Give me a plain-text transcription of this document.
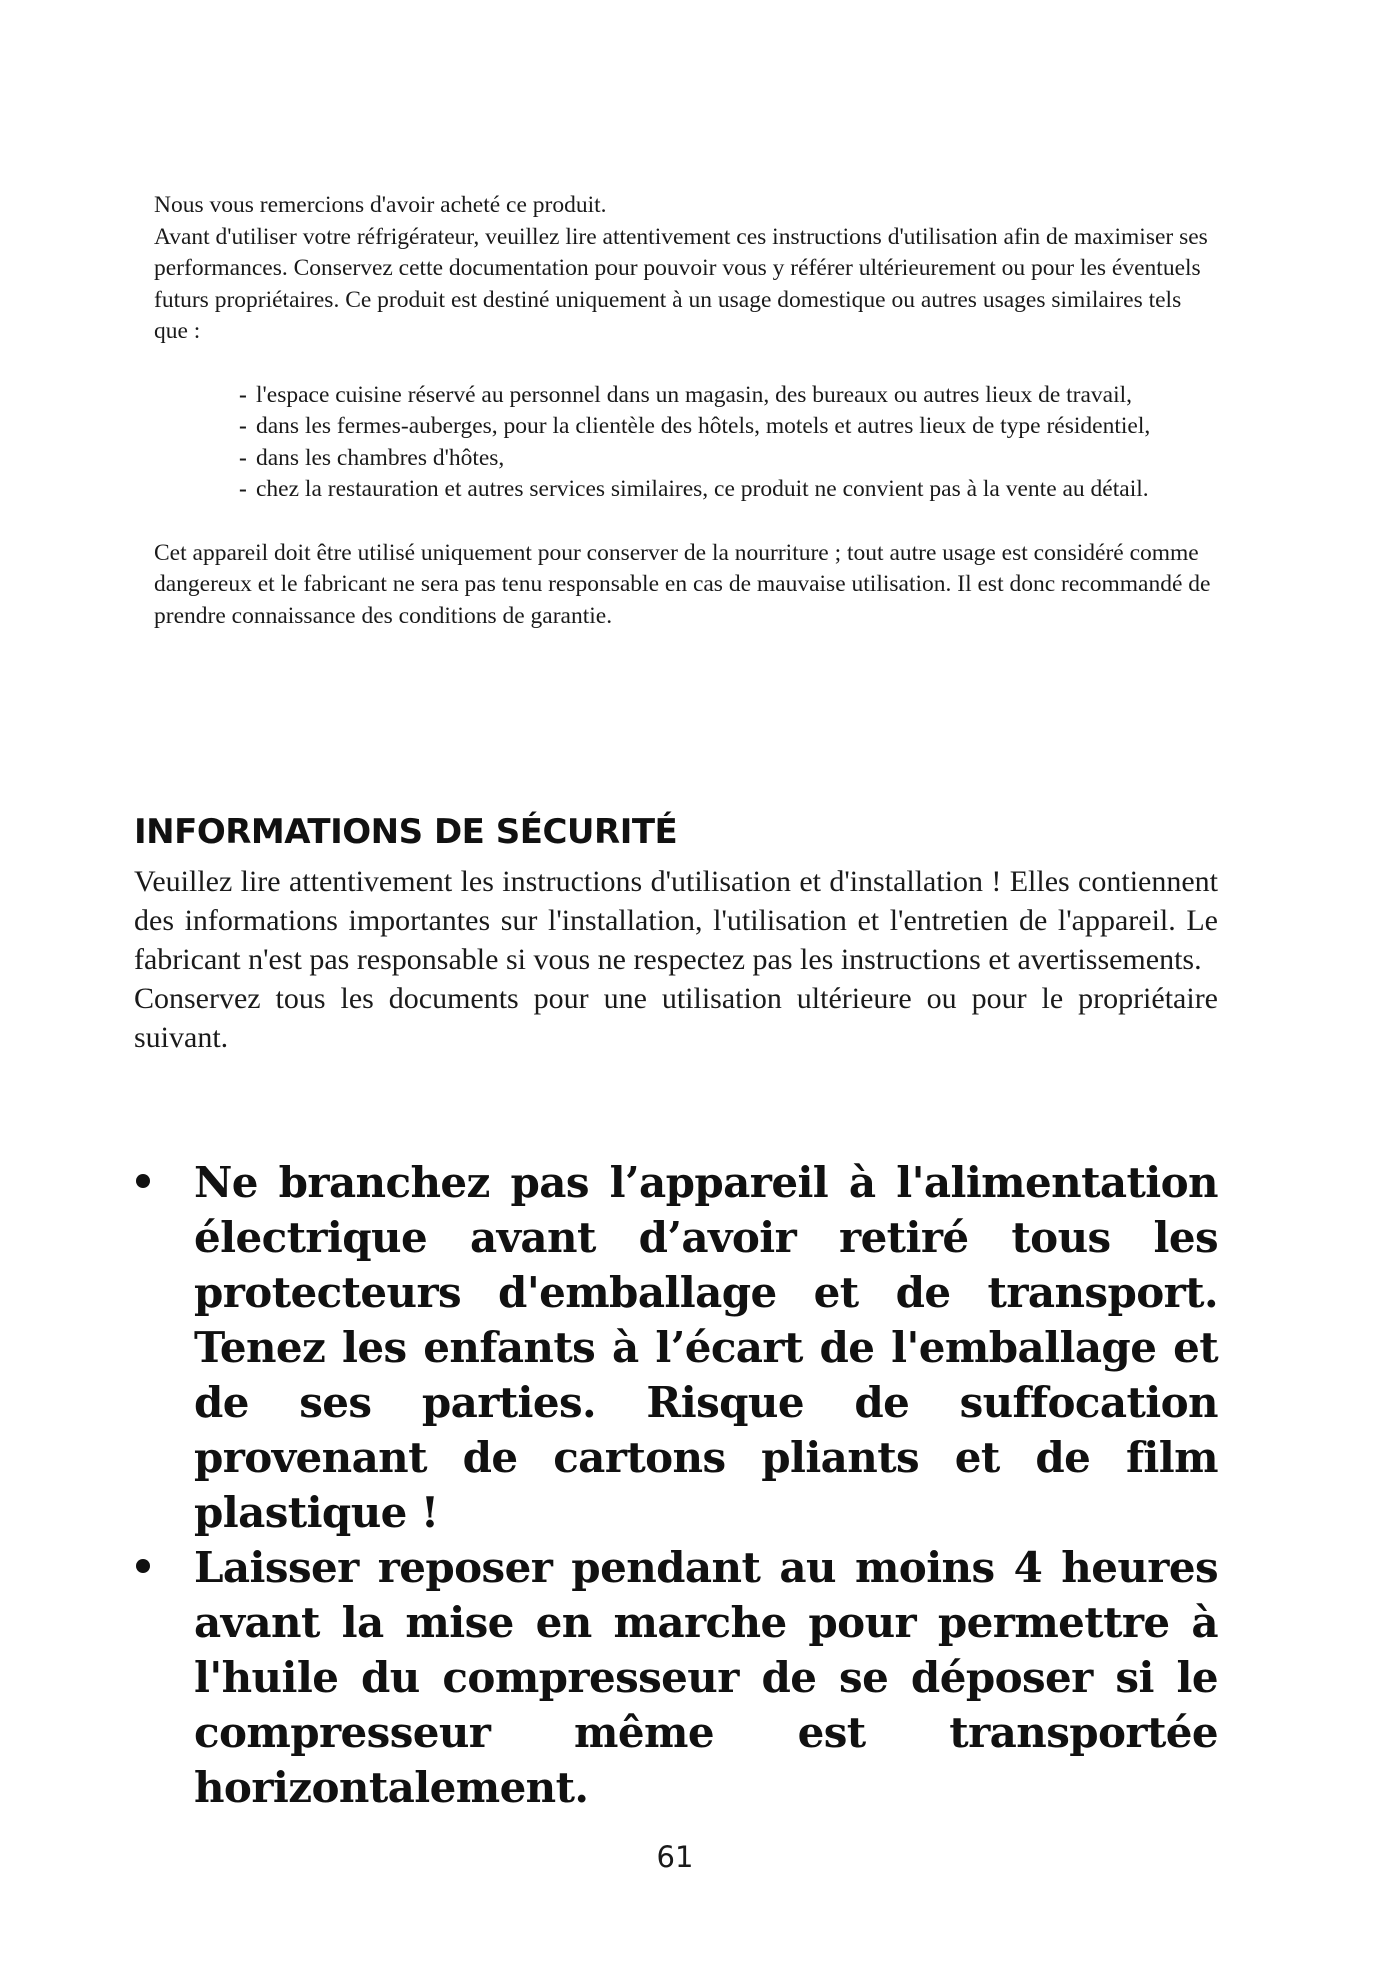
Nous vous remercions d'avoir acheté ce produit.

Avant d'utiliser votre réfrigérateur, veuillez lire attentivement ces instructions d'utilisation afin de maximiser ses performances. Conservez cette documentation pour pouvoir vous y référer ultérieurement ou pour les éventuels futurs propriétaires. Ce produit est destiné uniquement à un usage domestique ou autres usages similaires tels que :

- l'espace cuisine réservé au personnel dans un magasin, des bureaux ou autres lieux de travail,
- dans les fermes-auberges, pour la clientèle des hôtels, motels et autres lieux de type résidentiel,
- dans les chambres d'hôtes,
- chez la restauration et autres services similaires, ce produit ne convient pas à la vente au détail.

Cet appareil doit être utilisé uniquement pour conserver de la nourriture ; tout autre usage est considéré comme dangereux et le fabricant ne sera pas tenu responsable en cas de mauvaise utilisation. Il est donc recommandé de prendre connaissance des conditions de garantie.

INFORMATIONS DE SÉCURITÉ

Veuillez lire attentivement les instructions d'utilisation et d'installation ! Elles contiennent des informations importantes sur l'installation, l'utilisation et l'entretien de l'appareil. Le fabricant n'est pas responsable si vous ne respectez pas les instructions et avertissements.

Conservez tous les documents pour une utilisation ultérieure ou pour le propriétaire suivant.

Ne branchez pas l’appareil à l'alimentation électrique avant d’avoir retiré tous les protecteurs d'emballage et de transport. Tenez les enfants à l’écart de l'emballage et de ses parties. Risque de suffocation provenant de cartons pliants et de film plastique !
Laisser reposer pendant au moins 4 heures avant la mise en marche pour permettre à l'huile du compresseur de se déposer si le compresseur même est transportée horizontalement.
61
